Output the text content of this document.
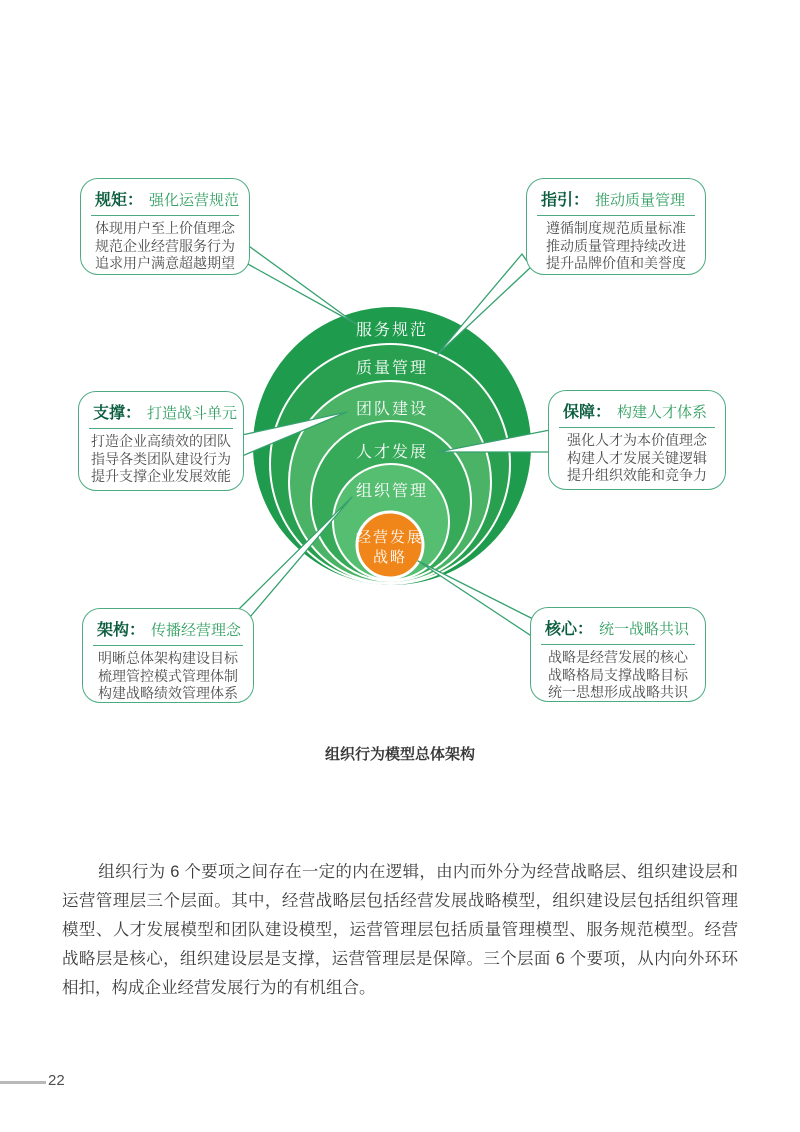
服务规范
质量管理
团队建设
人才发展
组织管理
经营发展
战略
规矩： 强化运营规范
体现用户至上价值理念
规范企业经营服务行为
追求用户满意超越期望
指引： 推动质量管理
遵循制度规范质量标准
推动质量管理持续改进
提升品牌价值和美誉度
支撑： 打造战斗单元
打造企业高绩效的团队
指导各类团队建设行为
提升支撑企业发展效能
保障： 构建人才体系
强化人才为本价值理念
构建人才发展关键逻辑
提升组织效能和竞争力
架构： 传播经营理念
明晰总体架构建设目标
梳理管控模式管理体制
构建战略绩效管理体系
核心： 统一战略共识
战略是经营发展的核心
战略格局支撑战略目标
统一思想形成战略共识
组织行为模型总体架构

组织行为 6 个要项之间存在一定的内在逻辑，由内而外分为经营战略层、组织建设层和运营管理层三个层面。其中，经营战略层包括经营发展战略模型，组织建设层包括组织管理模型、人才发展模型和团队建设模型，运营管理层包括质量管理模型、服务规范模型。经营战略层是核心，组织建设层是支撑，运营管理层是保障。三个层面 6 个要项，从内向外环环相扣，构成企业经营发展行为的有机组合。

22
